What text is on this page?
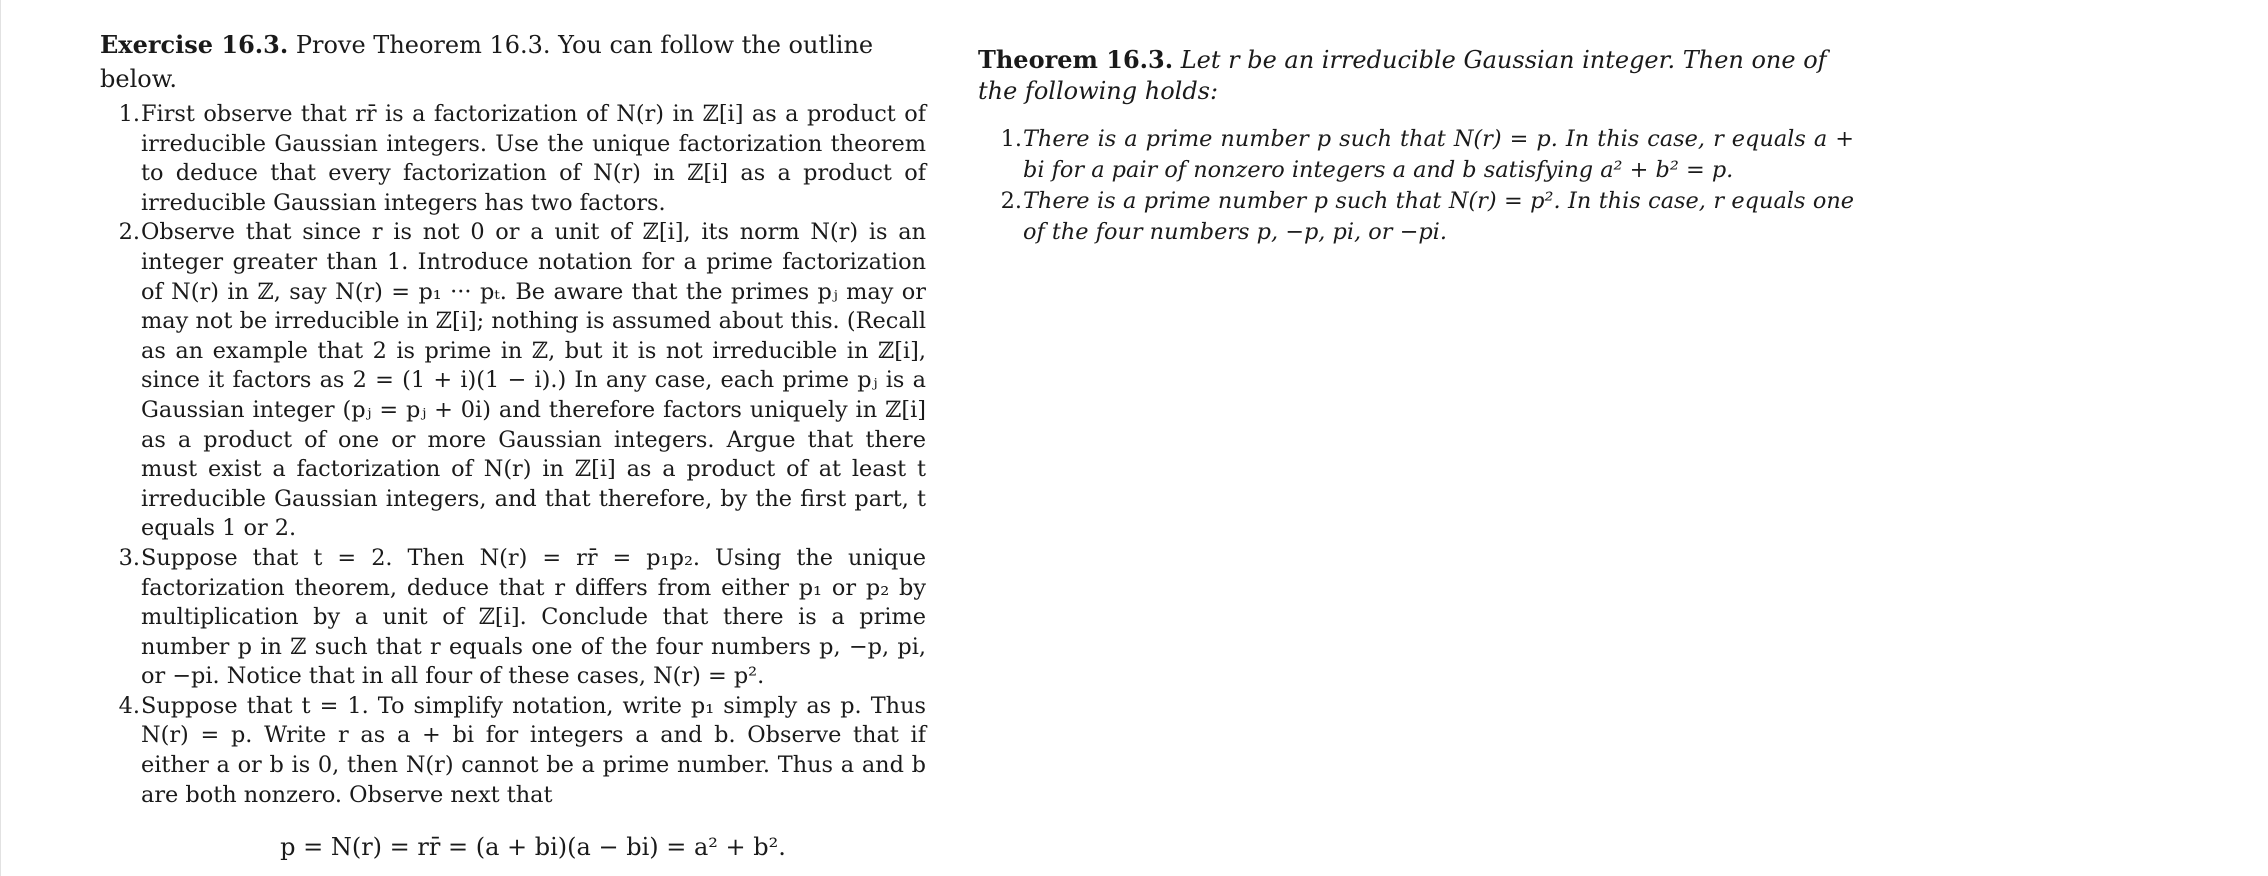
Exercise 16.3. Prove Theorem 16.3. You can follow the outline below.

1. First observe that rr̄ is a factorization of N(r) in ℤ[i] as a product of irreducible Gaussian integers. Use the unique factorization theorem to deduce that every factorization of N(r) in ℤ[i] as a product of irreducible Gaussian integers has two factors.
2. Observe that since r is not 0 or a unit of ℤ[i], its norm N(r) is an integer greater than 1. Introduce notation for a prime factorization of N(r) in ℤ, say N(r) = p₁ ··· pₜ. Be aware that the primes pⱼ may or may not be irreducible in ℤ[i]; nothing is assumed about this. (Recall as an example that 2 is prime in ℤ, but it is not irreducible in ℤ[i], since it factors as 2 = (1 + i)(1 − i).) In any case, each prime pⱼ is a Gaussian integer (pⱼ = pⱼ + 0i) and therefore factors uniquely in ℤ[i] as a product of one or more Gaussian integers. Argue that there must exist a factorization of N(r) in ℤ[i] as a product of at least t irreducible Gaussian integers, and that therefore, by the first part, t equals 1 or 2.
3. Suppose that t = 2. Then N(r) = rr̄ = p₁p₂. Using the unique factorization theorem, deduce that r differs from either p₁ or p₂ by multiplication by a unit of ℤ[i]. Conclude that there is a prime number p in ℤ such that r equals one of the four numbers p, −p, pi, or −pi. Notice that in all four of these cases, N(r) = p².
4. Suppose that t = 1. To simplify notation, write p₁ simply as p. Thus N(r) = p. Write r as a + bi for integers a and b. Observe that if either a or b is 0, then N(r) cannot be a prime number. Thus a and b are both nonzero. Observe next that
p = N(r) = rr̄ = (a + bi)(a − bi) = a² + b².

Theorem 16.3. Let r be an irreducible Gaussian integer. Then one of the following holds:

1. There is a prime number p such that N(r) = p. In this case, r equals a + bi for a pair of nonzero integers a and b satisfying a² + b² = p.
2. There is a prime number p such that N(r) = p². In this case, r equals one of the four numbers p, −p, pi, or −pi.
